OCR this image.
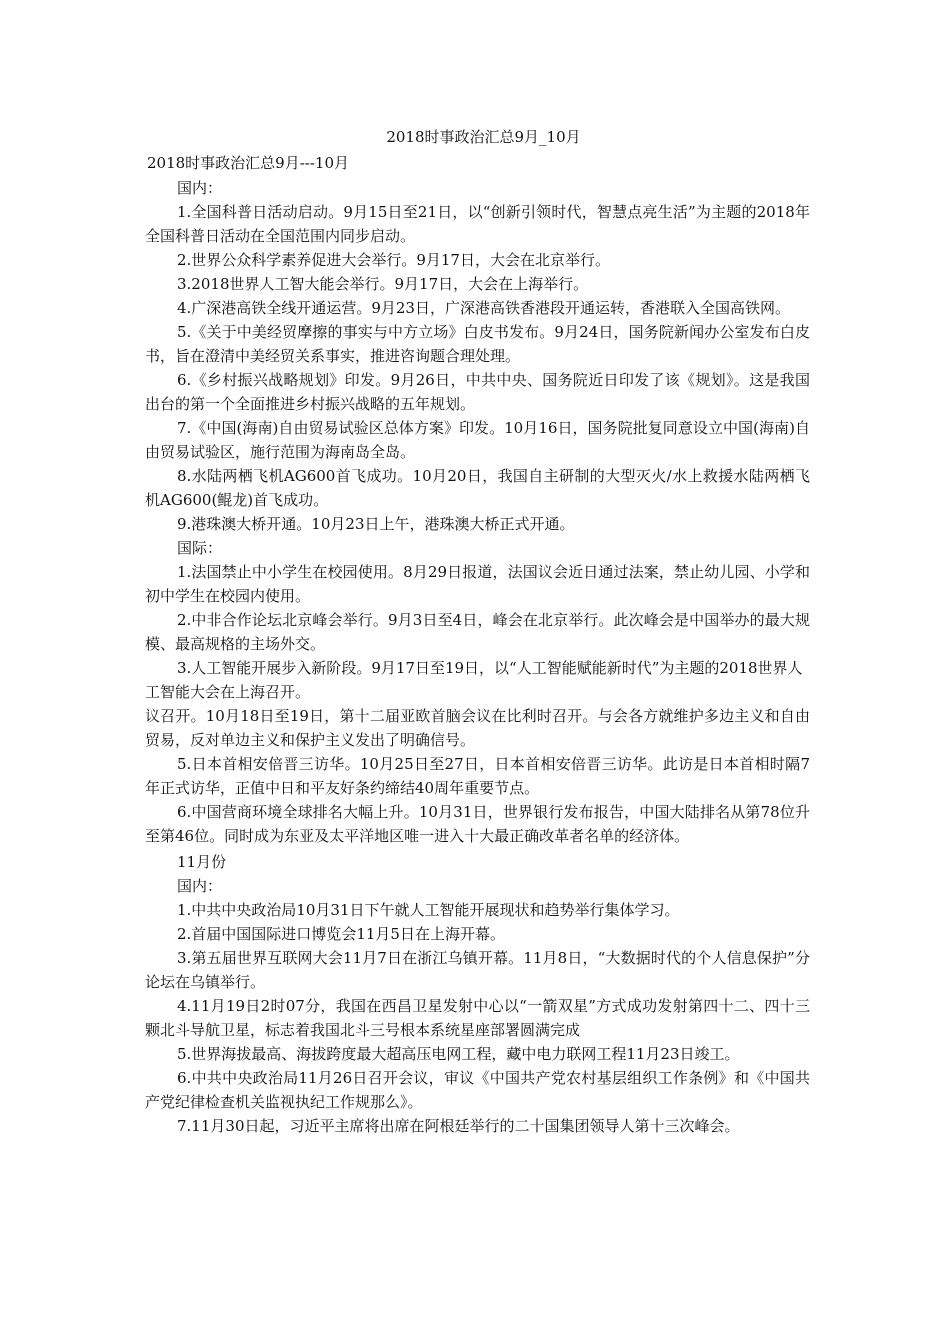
2018时事政治汇总9月_10月

2018时事政治汇总9月---10月

国内：

1.全国科普日活动启动。9月15日至21日，以“创新引领时代，智慧点亮生活”为主题的2018年全国科普日活动在全国范围内同步启动。

2.世界公众科学素养促进大会举行。9月17日，大会在北京举行。

3.2018世界人工智大能会举行。9月17日，大会在上海举行。

4.广深港高铁全线开通运营。9月23日，广深港高铁香港段开通运转，香港联入全国高铁网。

5.《关于中美经贸摩擦的事实与中方立场》白皮书发布。9月24日，国务院新闻办公室发布白皮书，旨在澄清中美经贸关系事实，推进咨询题合理处理。

6.《乡村振兴战略规划》印发。9月26日，中共中央、国务院近日印发了该《规划》。这是我国出台的第一个全面推进乡村振兴战略的五年规划。

7.《中国(海南)自由贸易试验区总体方案》印发。10月16日，国务院批复同意设立中国(海南)自由贸易试验区，施行范围为海南岛全岛。

8.水陆两栖飞机AG600首飞成功。10月20日，我国自主研制的大型灭火/水上救援水陆两栖飞机AG600(鲲龙)首飞成功。

9.港珠澳大桥开通。10月23日上午，港珠澳大桥正式开通。

国际：

1.法国禁止中小学生在校园使用。8月29日报道，法国议会近日通过法案，禁止幼儿园、小学和初中学生在校园内使用。

2.中非合作论坛北京峰会举行。9月3日至4日，峰会在北京举行。此次峰会是中国举办的最大规模、最高规格的主场外交。

3.人工智能开展步入新阶段。9月17日至19日，以“人工智能赋能新时代”为主题的2018世界人工智能大会在上海召开。

议召开。10月18日至19日，第十二届亚欧首脑会议在比利时召开。与会各方就维护多边主义和自由贸易，反对单边主义和保护主义发出了明确信号。

5.日本首相安倍晋三访华。10月25日至27日，日本首相安倍晋三访华。此访是日本首相时隔7年正式访华，正值中日和平友好条约缔结40周年重要节点。

6.中国营商环境全球排名大幅上升。10月31日，世界银行发布报告，中国大陆排名从第78位升至第46位。同时成为东亚及太平洋地区唯一进入十大最正确改革者名单的经济体。

11月份

国内：

1.中共中央政治局10月31日下午就人工智能开展现状和趋势举行集体学习。

2.首届中国国际进口博览会11月5日在上海开幕。

3.第五届世界互联网大会11月7日在浙江乌镇开幕。11月8日，“大数据时代的个人信息保护”分论坛在乌镇举行。

4.11月19日2时07分，我国在西昌卫星发射中心以“一箭双星”方式成功发射第四十二、四十三颗北斗导航卫星，标志着我国北斗三号根本系统星座部署圆满完成

5.世界海拔最高、海拔跨度最大超高压电网工程，藏中电力联网工程11月23日竣工。

6.中共中央政治局11月26日召开会议，审议《中国共产党农村基层组织工作条例》和《中国共产党纪律检查机关监视执纪工作规那么》。

7.11月30日起，习近平主席将出席在阿根廷举行的二十国集团领导人第十三次峰会。
